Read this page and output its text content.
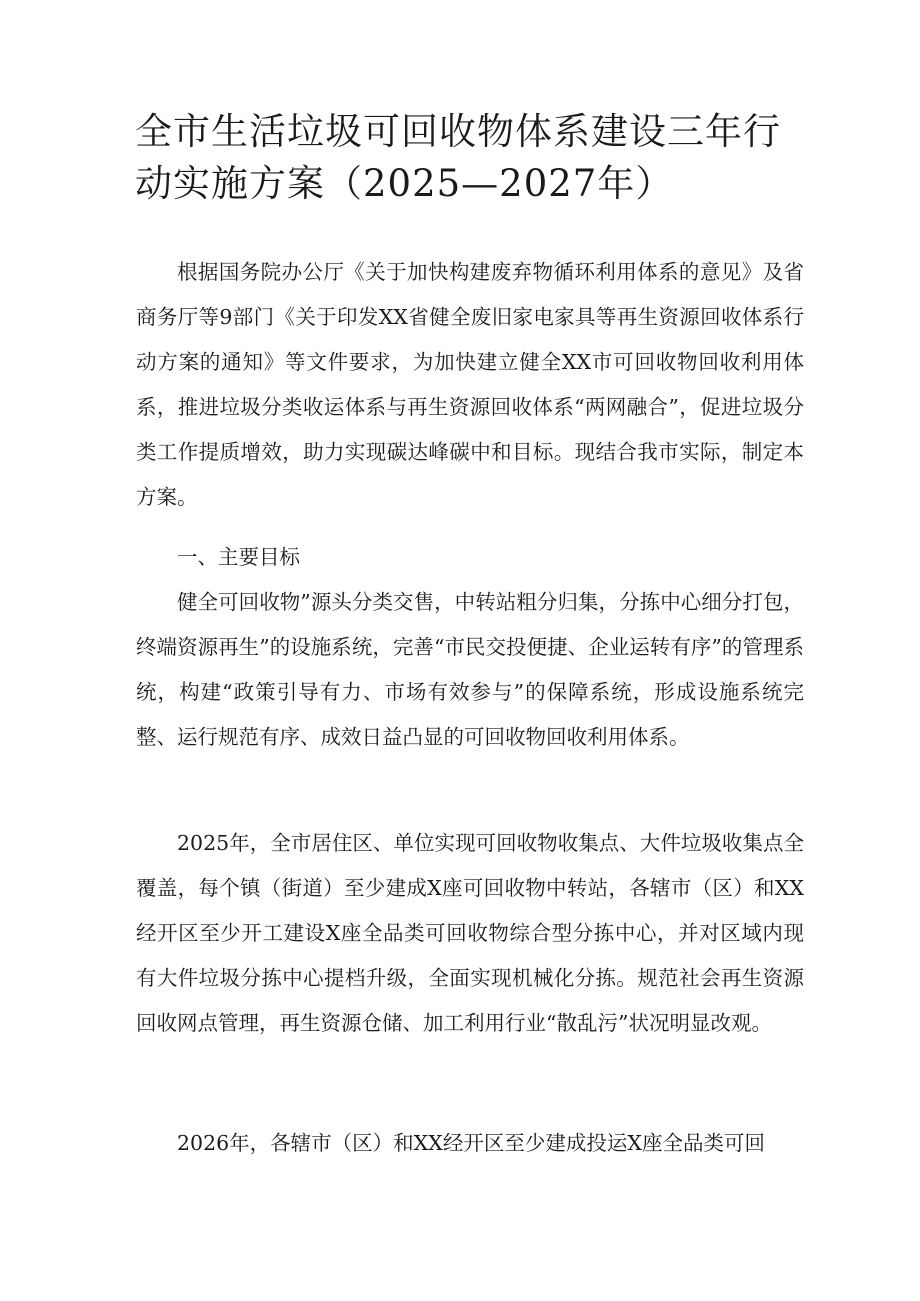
全市生活垃圾可回收物体系建设三年行动实施方案（2025—2027年）

根据国务院办公厅《关于加快构建废弃物循环利用体系的意见》及省商务厅等9部门《关于印发XX省健全废旧家电家具等再生资源回收体系行动方案的通知》等文件要求，为加快建立健全XX市可回收物回收利用体系，推进垃圾分类收运体系与再生资源回收体系“两网融合”，促进垃圾分类工作提质增效，助力实现碳达峰碳中和目标。现结合我市实际，制定本方案。

一、主要目标

健全可回收物”源头分类交售，中转站粗分归集，分拣中心细分打包，终端资源再生”的设施系统，完善“市民交投便捷、企业运转有序”的管理系统，构建“政策引导有力、市场有效参与”的保障系统，形成设施系统完整、运行规范有序、成效日益凸显的可回收物回收利用体系。

2025年，全市居住区、单位实现可回收物收集点、大件垃圾收集点全覆盖，每个镇（街道）至少建成X座可回收物中转站，各辖市（区）和XX经开区至少开工建设X座全品类可回收物综合型分拣中心，并对区域内现有大件垃圾分拣中心提档升级，全面实现机械化分拣。规范社会再生资源回收网点管理，再生资源仓储、加工利用行业“散乱污”状况明显改观。

2026年，各辖市（区）和XX经开区至少建成投运X座全品类可回
